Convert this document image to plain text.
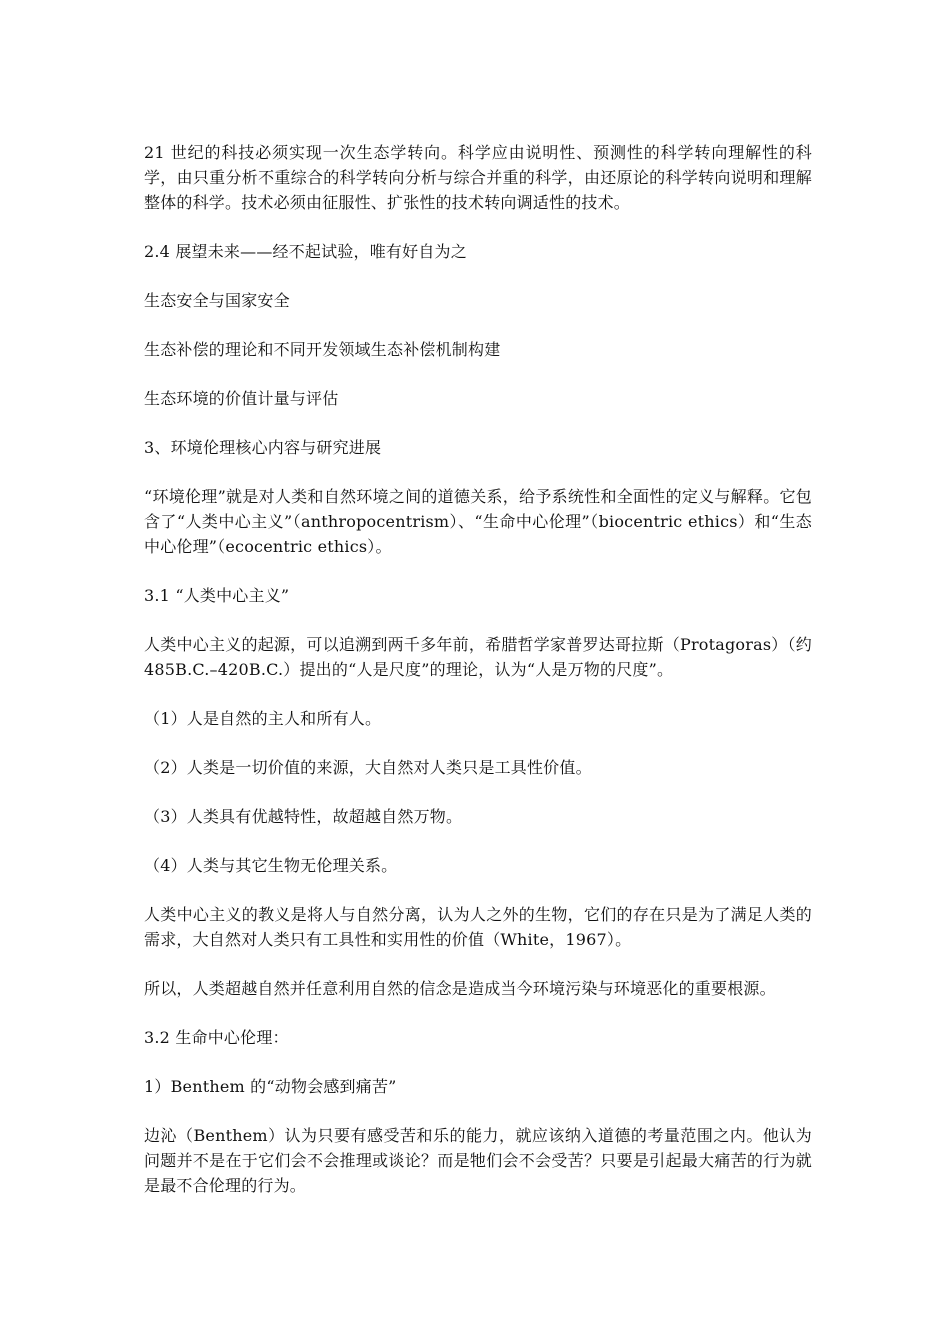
21 世纪的科技必须实现一次生态学转向。科学应由说明性、预测性的科学转向理解性的科学，由只重分析不重综合的科学转向分析与综合并重的科学，由还原论的科学转向说明和理解整体的科学。技术必须由征服性、扩张性的技术转向调适性的技术。

2.4 展望未来——经不起试验，唯有好自为之

生态安全与国家安全

生态补偿的理论和不同开发领域生态补偿机制构建

生态环境的价值计量与评估

3、环境伦理核心内容与研究进展

“环境伦理”就是对人类和自然环境之间的道德关系，给予系统性和全面性的定义与解释。它包含了“人类中心主义”（anthropocentrism）、“生命中心伦理”（biocentric ethics）和“生态中心伦理”（ecocentric ethics）。

3.1 “人类中心主义”

人类中心主义的起源，可以追溯到两千多年前，希腊哲学家普罗达哥拉斯（Protagoras）（约 485B.C.–420B.C.）提出的“人是尺度”的理论，认为“人是万物的尺度”。

（1）人是自然的主人和所有人。

（2）人类是一切价值的来源，大自然对人类只是工具性价值。

（3）人类具有优越特性，故超越自然万物。

（4）人类与其它生物无伦理关系。

人类中心主义的教义是将人与自然分离，认为人之外的生物，它们的存在只是为了满足人类的需求，大自然对人类只有工具性和实用性的价值（White，1967）。

所以，人类超越自然并任意利用自然的信念是造成当今环境污染与环境恶化的重要根源。

3.2 生命中心伦理：

1）Benthem 的“动物会感到痛苦”

边沁（Benthem）认为只要有感受苦和乐的能力，就应该纳入道德的考量范围之内。他认为问题并不是在于它们会不会推理或谈论？而是牠们会不会受苦？只要是引起最大痛苦的行为就是最不合伦理的行为。
